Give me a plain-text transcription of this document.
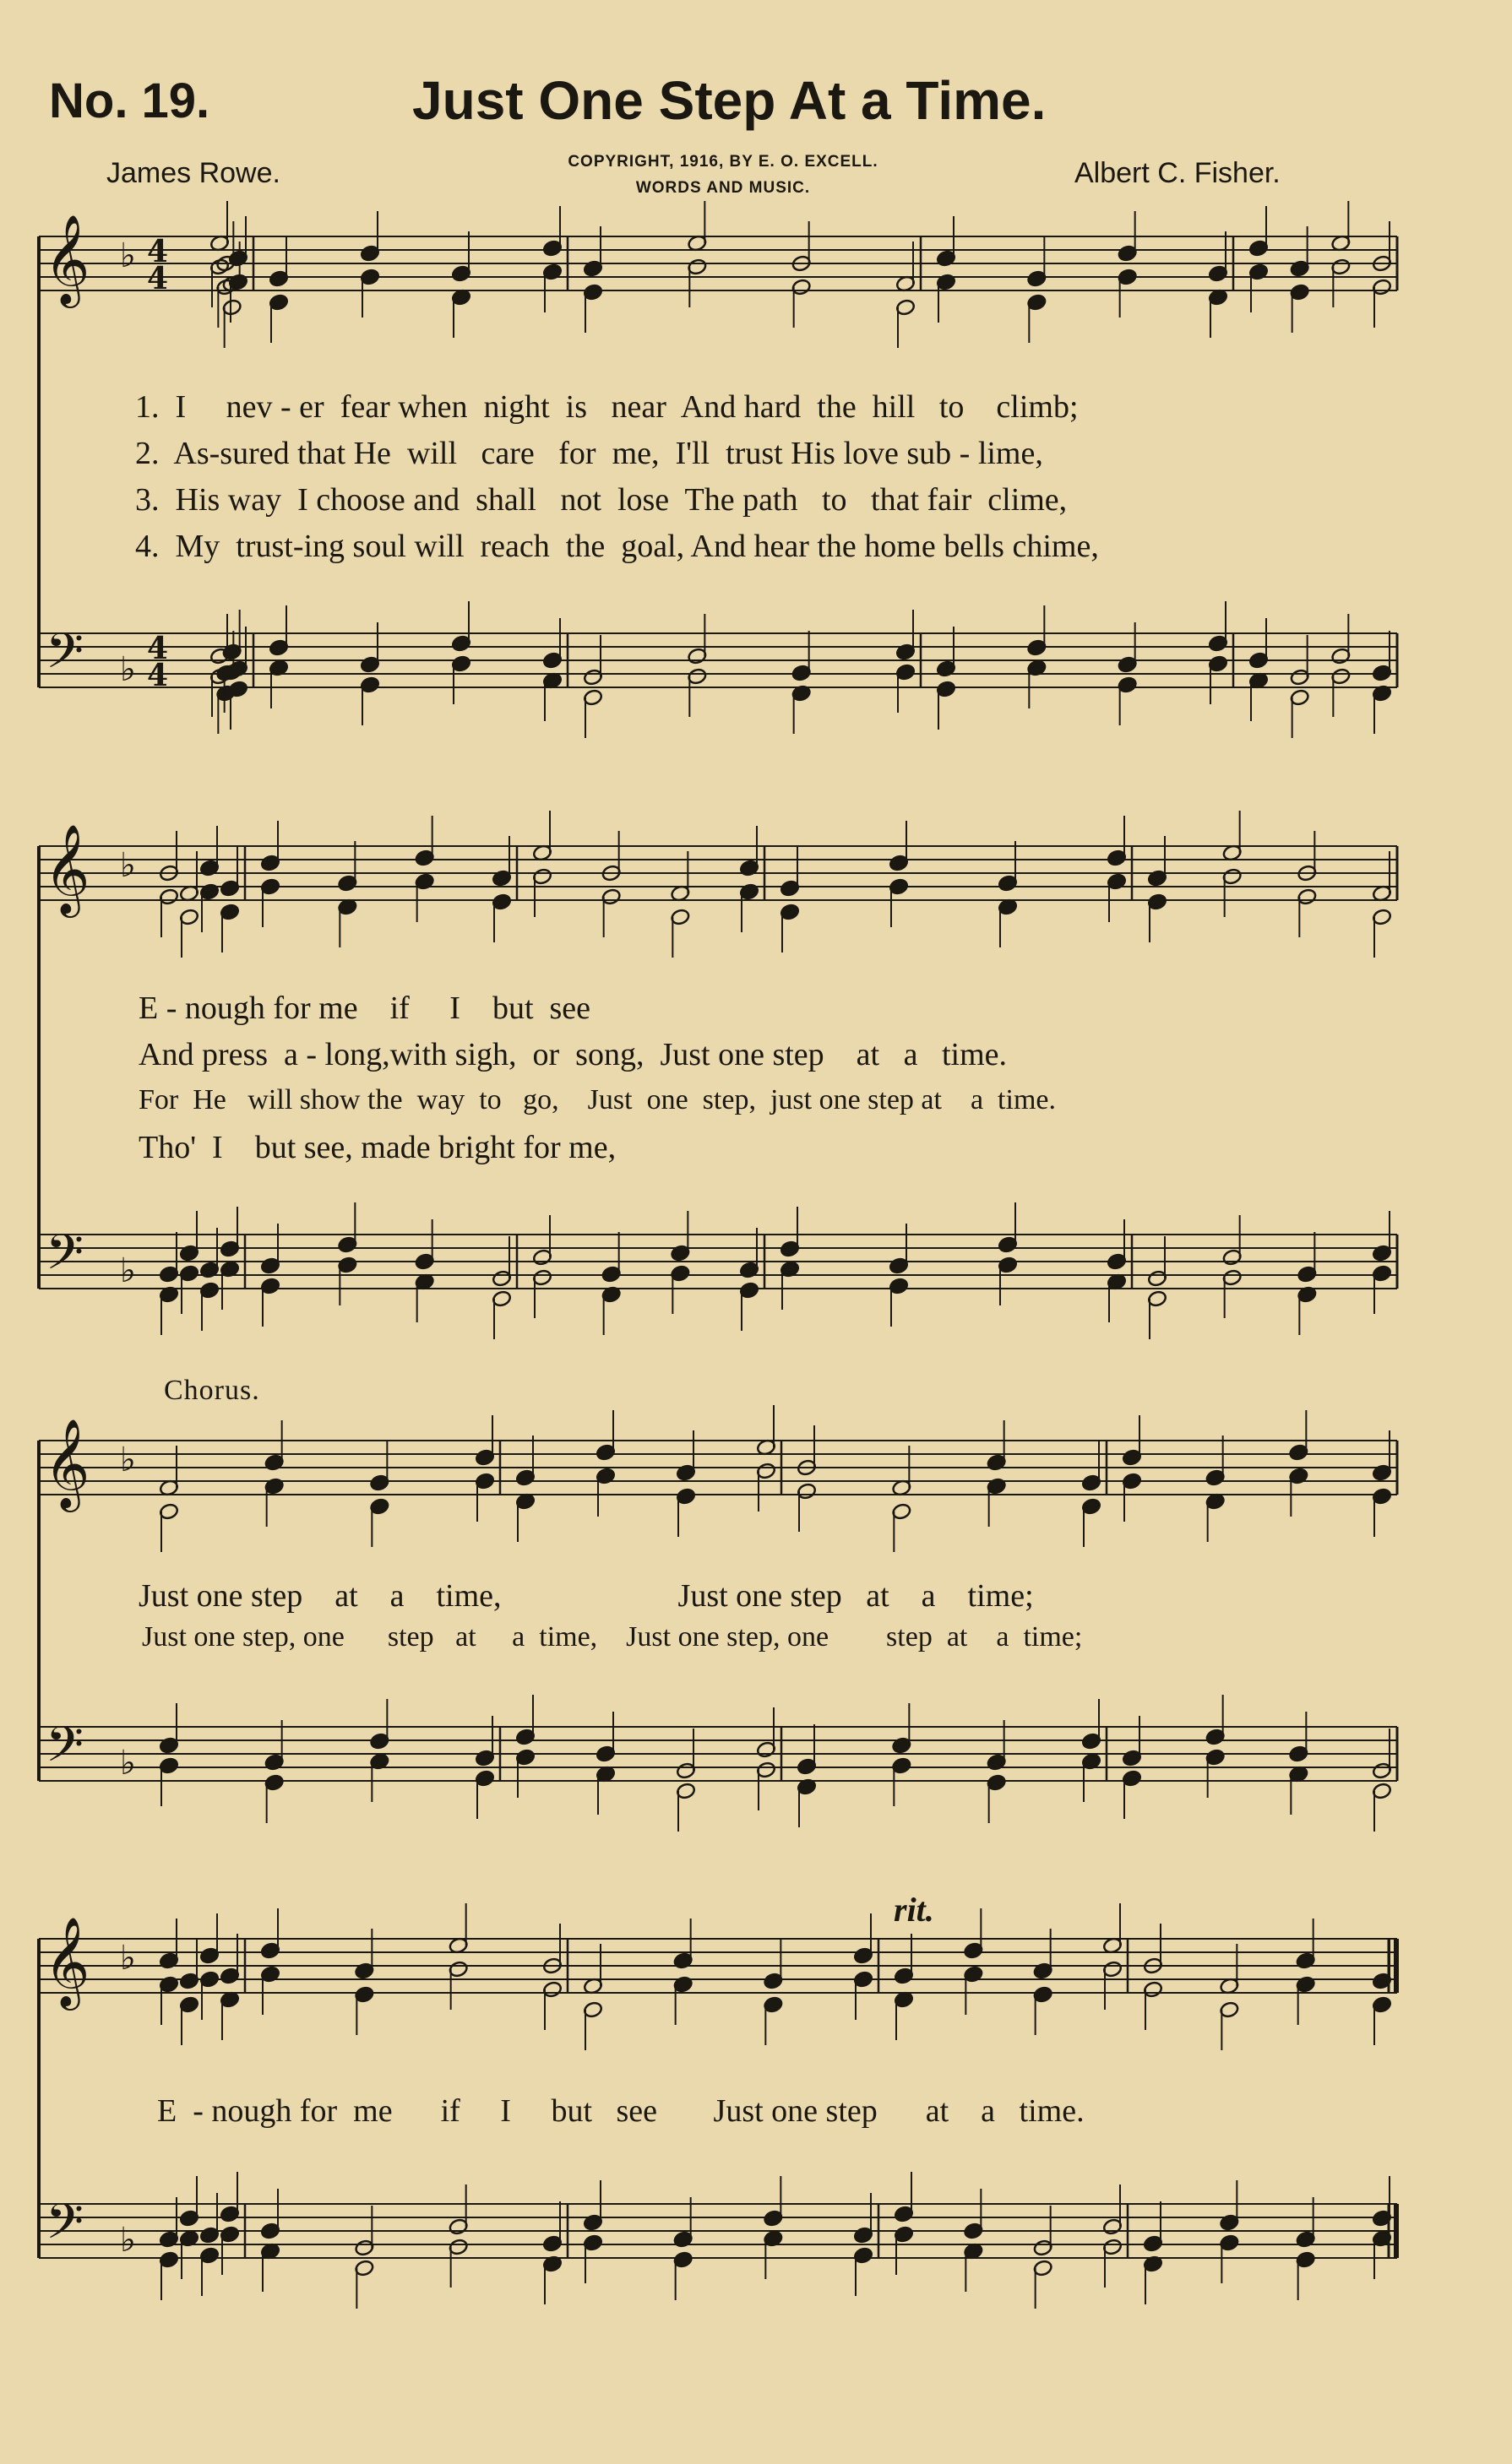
No. 19.	Just One Step At a Time.
James Rowe.	COPYRIGHT, 1916, BY E. O. EXCELL.
WORDS AND MUSIC.	Albert C. Fisher.
𝄞
𝄢
♭
♭
4
4
4
4
𝄞
𝄢
♭
♭
𝄞
𝄢
♭
♭
𝄞
𝄢
♭
♭
1.  I     nev - er  fear when  night  is   near  And hard  the  hill   to    climb;
2.  As-sured that He  will   care   for  me,  I'll  trust His love sub - lime,
3.  His way  I choose and  shall   not  lose  The path   to   that fair  clime,
4.  My  trust-ing soul will  reach  the  goal, And hear the home bells chime,
E - nough for me    if     I    but  see
And press  a - long,with sigh,  or  song,  Just one step    at   a   time.
For  He   will show the  way  to   go,    Just  one  step,  just one step at    a  time.
Tho'  I    but see, made bright for me,
Chorus.
Just one step    at    a    time,                      Just one step   at    a    time;
Just one step, one      step   at     a  time,    Just one step, one        step  at    a  time;
rit.
E  - nough for  me      if     I     but   see       Just one step      at    a   time.
